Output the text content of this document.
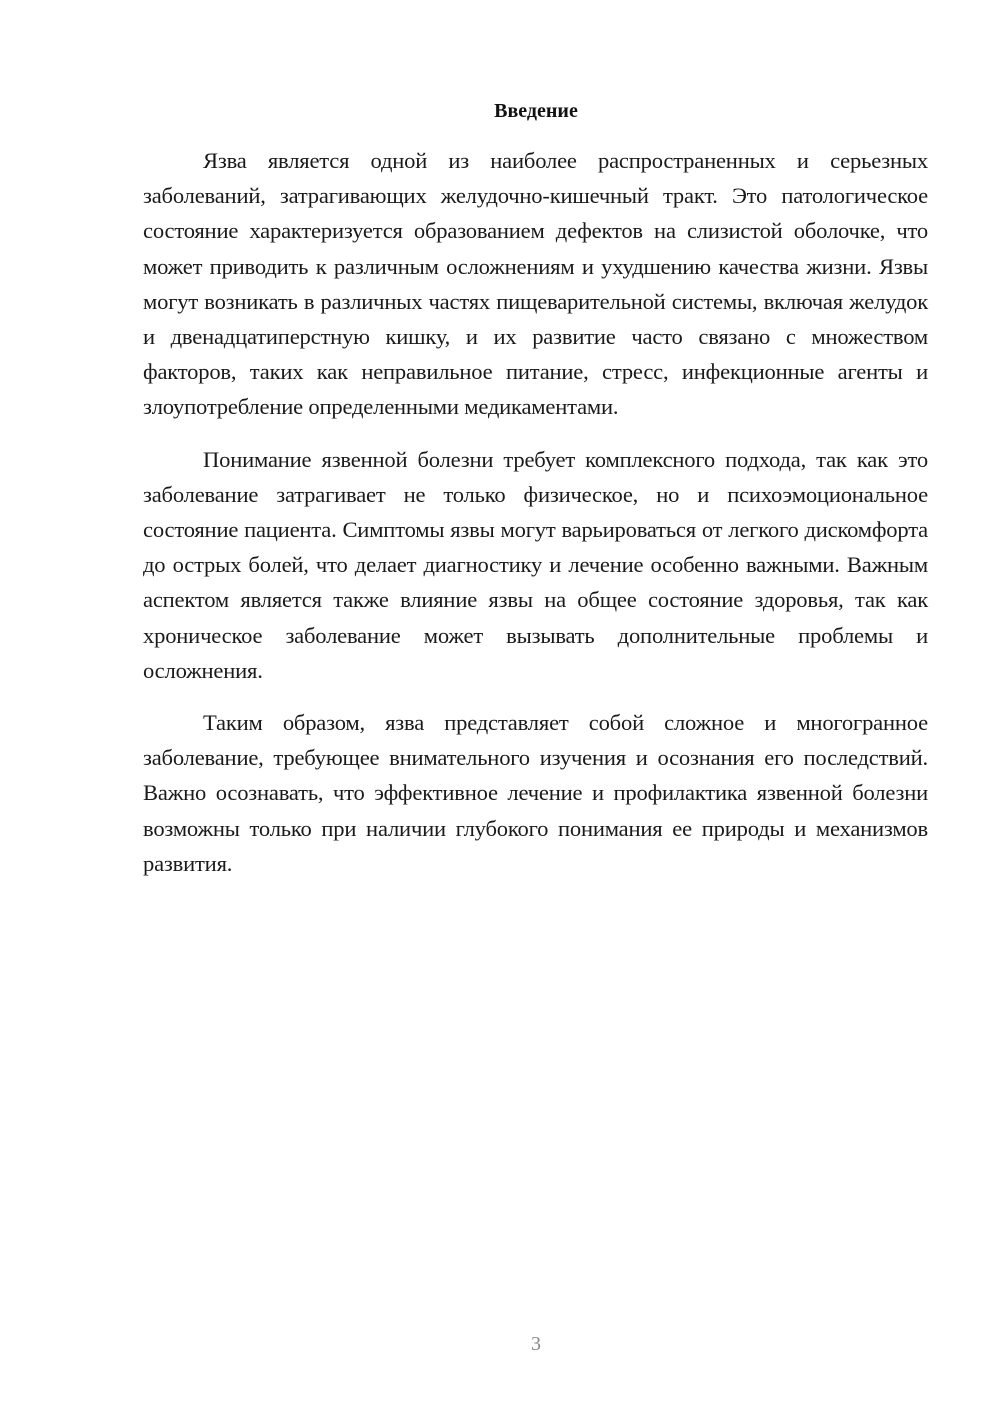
Введение

Язва является одной из наиболее распространенных и серьезных заболеваний, затрагивающих желудочно-кишечный тракт. Это патологическое состояние характеризуется образованием дефектов на слизистой оболочке, что может приводить к различным осложнениям и ухудшению качества жизни. Язвы могут возникать в различных частях пищеварительной системы, включая желудок и двенадцатиперстную кишку, и их развитие часто связано с множеством факторов, таких как неправильное питание, стресс, инфекционные агенты и злоупотребление определенными медикаментами.

Понимание язвенной болезни требует комплексного подхода, так как это заболевание затрагивает не только физическое, но и психоэмоциональное состояние пациента. Симптомы язвы могут варьироваться от легкого дискомфорта до острых болей, что делает диагностику и лечение особенно важными. Важным аспектом является также влияние язвы на общее состояние здоровья, так как хроническое заболевание может вызывать дополнительные проблемы и осложнения.

Таким образом, язва представляет собой сложное и многогранное заболевание, требующее внимательного изучения и осознания его последствий. Важно осознавать, что эффективное лечение и профилактика язвенной болезни возможны только при наличии глубокого понимания ее природы и механизмов развития.

3
